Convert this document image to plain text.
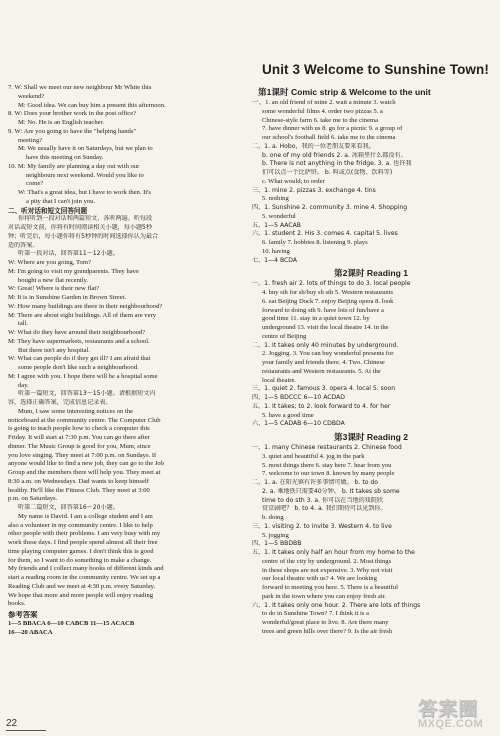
7. W: Shall we meet our new neighbour Mr White this
weekend?
M: Good idea. We can buy him a present this afternoon.
8. W: Does your brother work in the post office?
M: No. He is an English teacher.
9. W: Are you going to have the "helping hands"
meeting?
M: We usually have it on Saturdays, but we plan to
have this meeting on Sunday.
10. M: My family are planning a day out with our
neighbours next weekend. Would you like to
come?
W: That's a great idea, but I have to work then. It's
a pity that I can't join you.
二、听对话和短文回答问题
你将听到一段对话和两篇短文，各听两遍。听每段
对话或短文前，你将有时间阅读相关小题，每小题5秒
钟；听完后，每小题你将有5秒钟的时间选择你认为最合
适的答案。
听第一段对话，回答第11～12小题。
W: Where are you going, Tom?
M: I'm going to visit my grandparents. They have
bought a new flat recently.
W: Great! Where is their new flat?
M: It is in Sunshine Garden in Brown Street.
W: How many buildings are there in their neighbourhood?
M: There are about eight buildings. All of them are very
tall.
W: What do they have around their neighbourhood?
M: They have supermarkets, restaurants and a school.
But there isn't any hospital.
W: What can people do if they get ill? I am afraid that
some people don't like such a neighbourhood.
M: I agree with you. I hope there will be a hospital some
day.
听第一篇短文，回答第13～15小题。请根据短文内
容，选择正确答案，完成信息记录表。
Mum, I saw some interesting notices on the
noticeboard at the community centre. The Computer Club
is going to teach people how to check a computer this
Friday. It will start at 7:30 p.m. You can go there after
dinner. The Music Group is good for you, Mum, since
you love singing. They meet at 7:00 p.m. on Sundays. If
anyone would like to find a new job, they can go to the Job
Group and the members there will help you. They meet at
8:30 a.m. on Wednesdays. Dad wants to keep himself
healthy. He'll like the Fitness Club. They meet at 3:00
p.m. on Saturdays.
听第二篇短文，回答第16～20小题。
My name is David. I am a college student and I am
also a volunteer in my community centre. I like to help
other people with their problems. I am very busy with my
work these days. I find people spend almost all their free
time playing computer games. I don't think this is good
for them, so I want to do something to make a change.
My friends and I collect many books of different kinds and
start a reading room in the community centre. We set up a
Reading Club and we meet at 4:30 p.m. every Saturday.
We hope that more and more people will enjoy reading
books.
参考答案
1—5 BBACA 6—10 CABCB 11—15 ACACB
16—20 ABACA
Unit 3 Welcome to Sunshine Town!
第1课时 Comic strip & Welcome to the unit
一、1. an old friend of mine 2. wait a minute 3. watch
some wonderful films 4. order two pizzas 5. a
Chinese-style farm 6. take me to the cinema
7. have dinner with us 8. go for a picnic 9. a group of
our school's football field 6. take me to the cinema
二、1. a. Hobo，我的一位老朋友要来看我。
b. one of my old friends 2. a. 冰箱里什么都没有。
b. There is not anything in the fridge. 3. a. 也许我
们可以点一个比萨饼。 b. 叫或点(食物、饮料等)
c. What would; to order
三、1. mine 2. pizzas 3. exchange 4. tins
5. nothing
四、1. Sunshine 2. community 3. mine 4. Shopping
5. wonderful
五、1—5 AACAB
六、1. student 2. His 3. comes 4. capital 5. lives
6. family 7. hobbies 8. listening 9. plays
10. having
七、1—4 BCDA
第2课时 Reading 1
一、1. fresh air 2. lots of things to do 3. local people
4. buy sth for sb/buy sb sth 5. Western restaurants
6. eat Beijing Duck 7. enjoy Beijing opera 8. look
forward to doing sth 9. have lots of fun/have a
good time 11. stay in a quiet town 12. by
underground 13. visit the local theatre 14. in the
centre of Beijing
二、1. It takes only 40 minutes by underground.
2. Jogging. 3. You can buy wonderful presents for
your family and friends there. 4. Two. Chinese
restaurants and Western restaurants. 5. At the
local theatre.
三、1. quiet 2. famous 3. opera 4. local 5. soon
四、1—5 BDCCC 6—10 ACDAD
五、1. It takes; to 2. look forward to 4. for her
5. have a good time
六、1—5 CADAB 6—10 CDBDA
第3课时 Reading 2
一、1. many Chinese restaurants 2. Chinese food
3. quiet and beautiful 4. jog in the park
5. most things there 6. stay here 7. hear from you
7. welcome to our town 8. known by many people
二、1. a. 在阳光镇有许多事情可做。 b. to do
2. a. 乘地铁只需要40分钟。 b. It takes sb some
time to do sth 3. a. 你可以在当地的戏院欣
赏京剧吧？ b. to 4. a. 我们期待可以见到你。
b. doing
三、1. visiting 2. to invite 3. Western 4. to live
5. jogging
四、1—5 BBDBB
五、1. It takes only half an hour from my home to the
centre of the city by underground. 2. Most things
in these shops are not expensive. 3. Why not visit
our local theatre with us? 4. We are looking
forward to meeting you here. 5. There is a beautiful
park in the town where you can enjoy fresh air.
六、1. It takes only one hour. 2. There are lots of things
to do in Sunshine Town? 7. I think it is a
wonderful/great place to live. 8. Are there many
trees and green hills over there? 9. Is the air fresh
22
答案圈
MXQE.COM
